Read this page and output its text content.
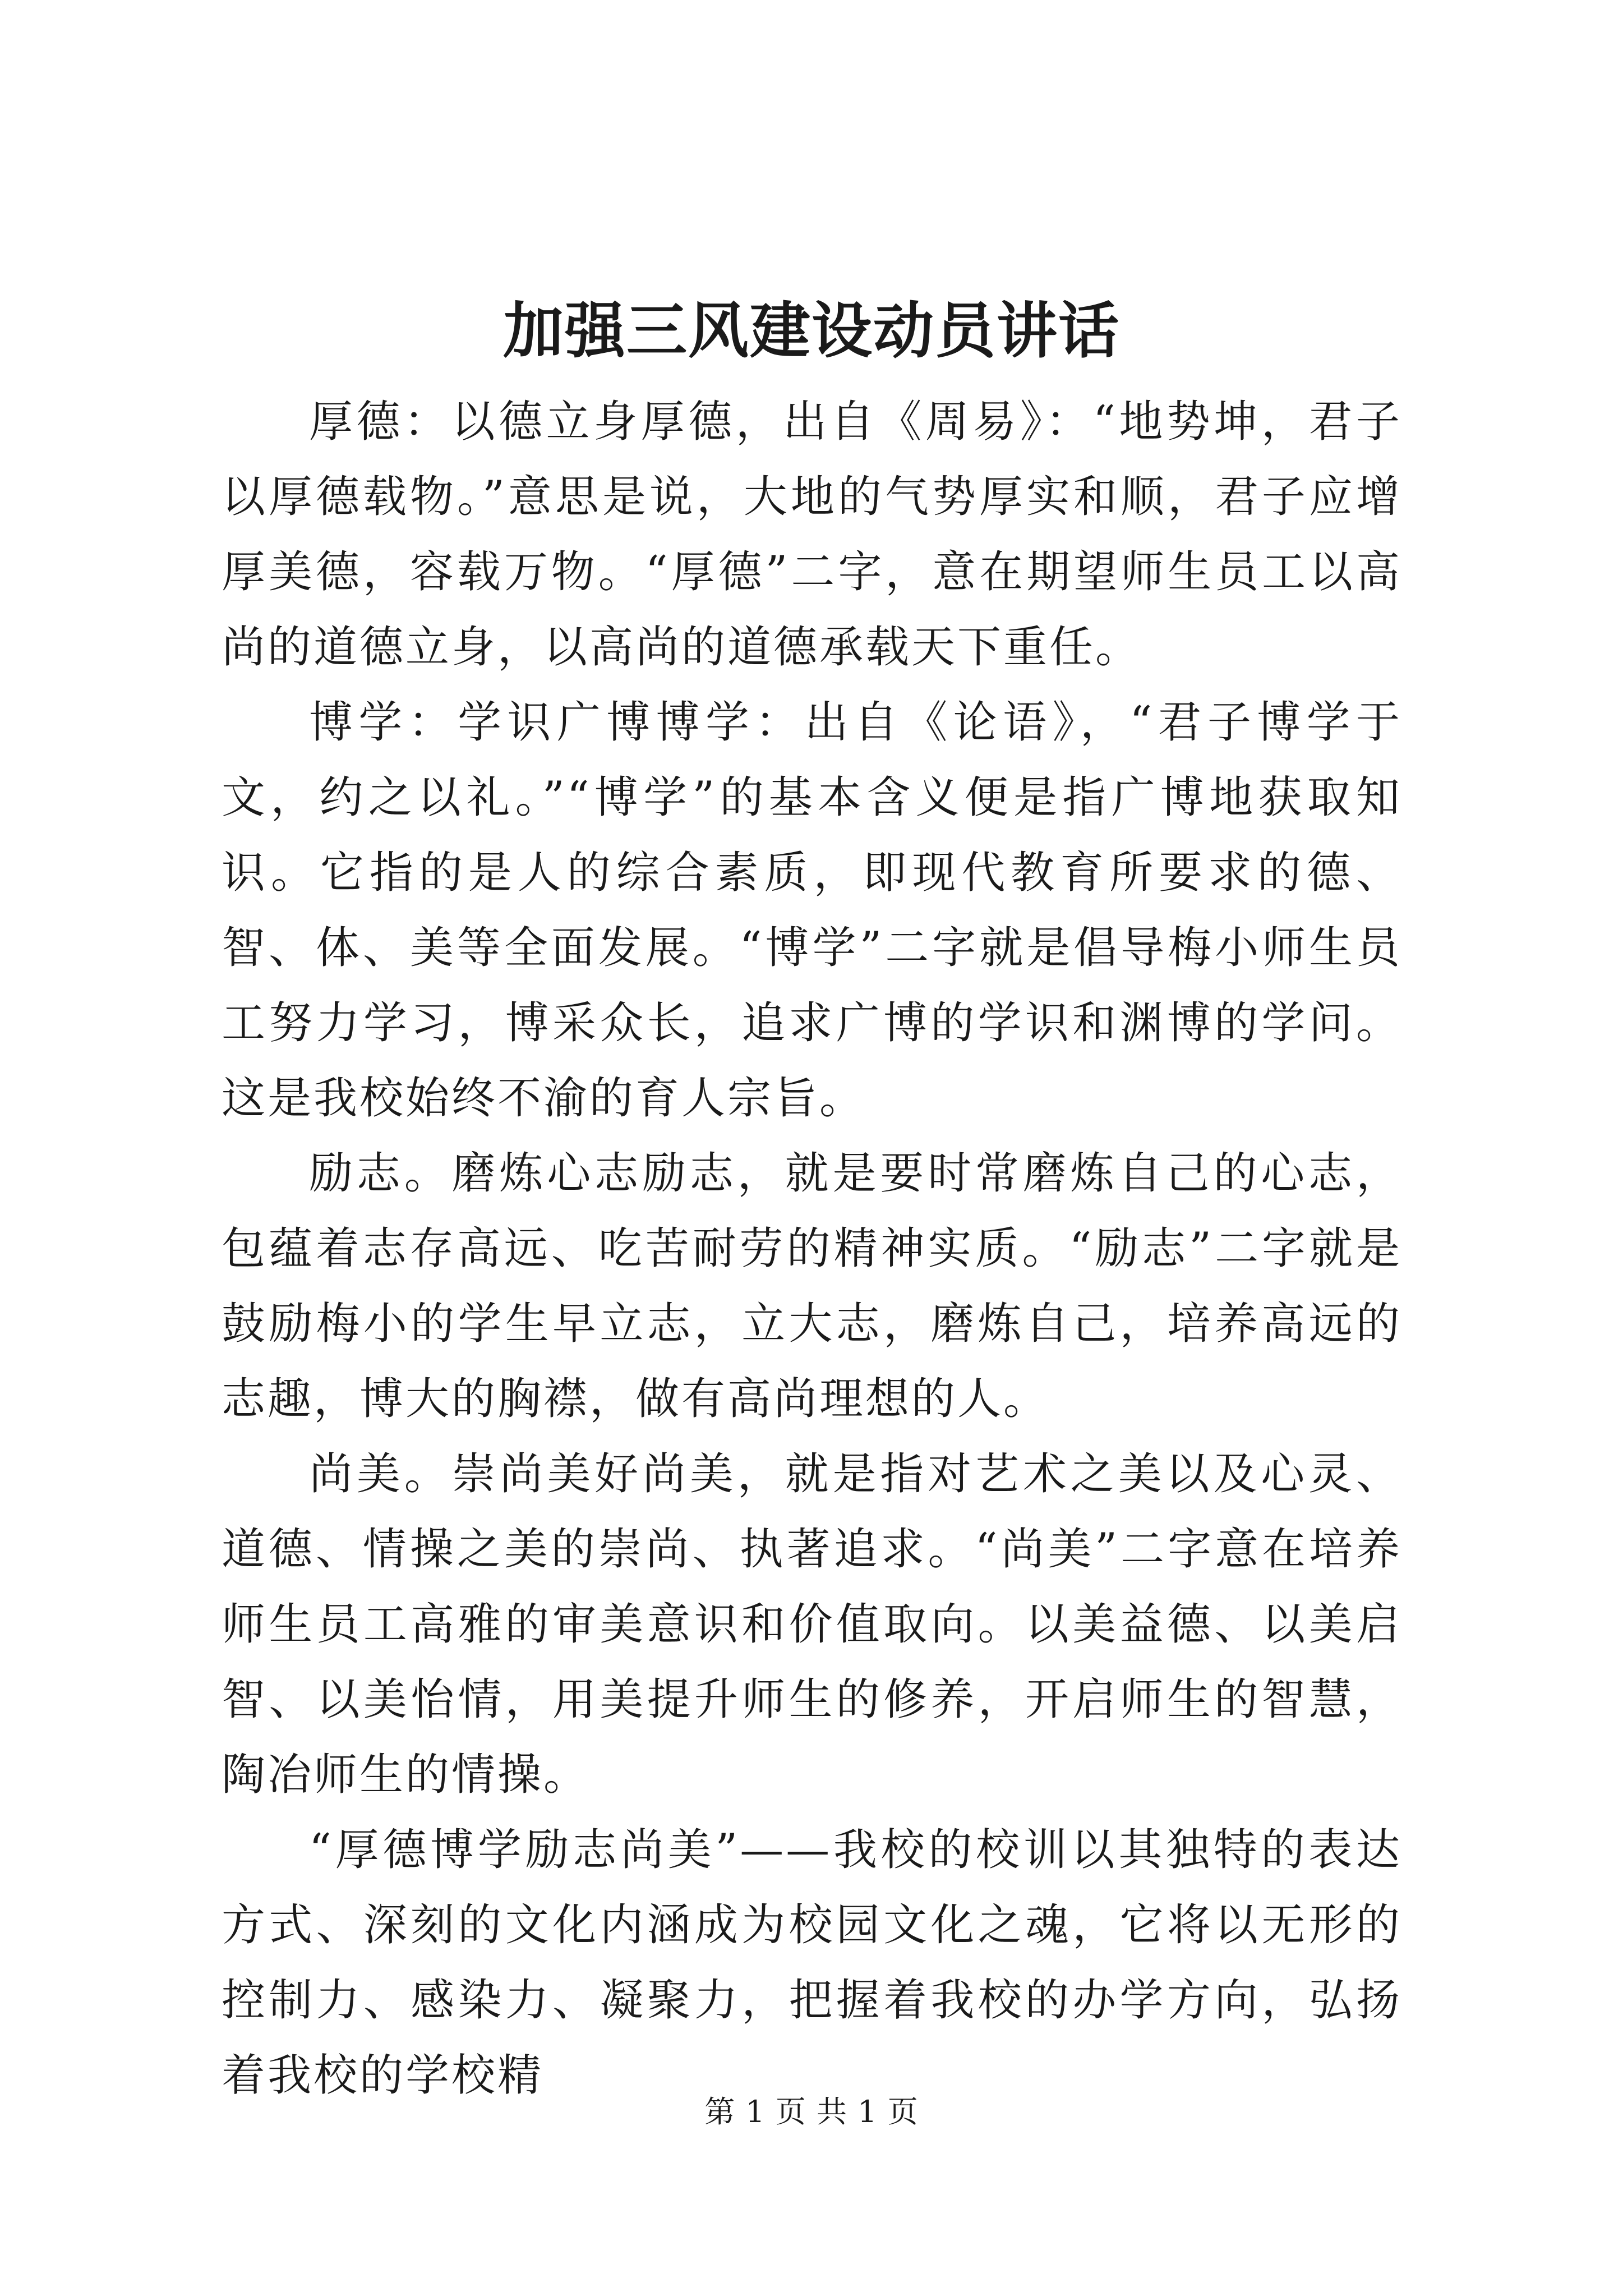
加强三风建设动员讲话

厚德：以德立身厚德，出自《周易》：“地势坤，君子以厚德载物。”意思是说，大地的气势厚实和顺，君子应增厚美德，容载万物。“厚德”二字，意在期望师生员工以高尚的道德立身，以高尚的道德承载天下重任。

博学：学识广博博学：出自《论语》，“君子博学于文，约之以礼。”“博学”的基本含义便是指广博地获取知识。它指的是人的综合素质，即现代教育所要求的德、智、体、美等全面发展。“博学”二字就是倡导梅小师生员工努力学习，博采众长，追求广博的学识和渊博的学问。这是我校始终不渝的育人宗旨。

励志。磨炼心志励志，就是要时常磨炼自己的心志，包蕴着志存高远、吃苦耐劳的精神实质。“励志”二字就是鼓励梅小的学生早立志，立大志，磨炼自己，培养高远的志趣，博大的胸襟，做有高尚理想的人。

尚美。崇尚美好尚美，就是指对艺术之美以及心灵、道德、情操之美的崇尚、执著追求。“尚美”二字意在培养师生员工高雅的审美意识和价值取向。以美益德、以美启智、以美怡情，用美提升师生的修养，开启师生的智慧，陶冶师生的情操。

“厚德博学励志尚美”——我校的校训以其独特的表达方式、深刻的文化内涵成为校园文化之魂，它将以无形的控制力、感染力、凝聚力，把握着我校的办学方向，弘扬着我校的学校精

第 1 页 共 1 页
